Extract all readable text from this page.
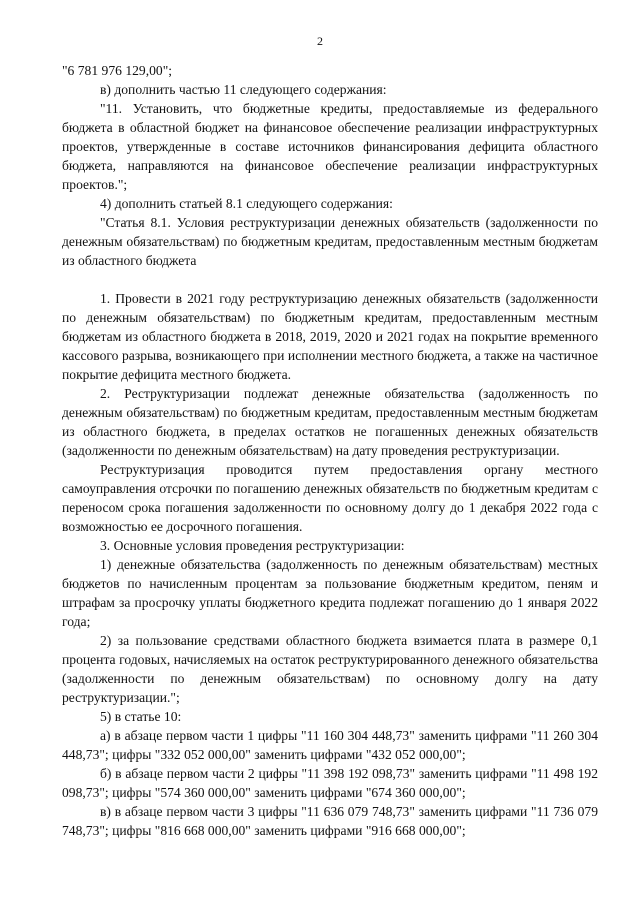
2

"6 781 976 129,00";

в) дополнить частью 11 следующего содержания:

"11. Установить, что бюджетные кредиты, предоставляемые из федерального бюджета в областной бюджет на финансовое обеспечение реализации инфраструктурных проектов, утвержденные в составе источников финансирования дефицита областного бюджета, направляются на финансовое обеспечение реализации инфраструктурных проектов.";

4) дополнить статьей 8.1 следующего содержания:

"Статья 8.1. Условия реструктуризации денежных обязательств (задолженности по денежным обязательствам) по бюджетным кредитам, предоставленным местным бюджетам из областного бюджета

1. Провести в 2021 году реструктуризацию денежных обязательств (задолженности по денежным обязательствам) по бюджетным кредитам, предоставленным местным бюджетам из областного бюджета в 2018, 2019, 2020 и 2021 годах на покрытие временного кассового разрыва, возникающего при исполнении местного бюджета, а также на частичное покрытие дефицита местного бюджета.

2. Реструктуризации подлежат денежные обязательства (задолженность по денежным обязательствам) по бюджетным кредитам, предоставленным местным бюджетам из областного бюджета, в пределах остатков не погашенных денежных обязательств (задолженности по денежным обязательствам) на дату проведения реструктуризации.

Реструктуризация проводится путем предоставления органу местного самоуправления отсрочки по погашению денежных обязательств по бюджетным кредитам с переносом срока погашения задолженности по основному долгу до 1 декабря 2022 года с возможностью ее досрочного погашения.

3. Основные условия проведения реструктуризации:

1) денежные обязательства (задолженность по денежным обязательствам) местных бюджетов по начисленным процентам за пользование бюджетным кредитом, пеням и штрафам за просрочку уплаты бюджетного кредита подлежат погашению до 1 января 2022 года;

2) за пользование средствами областного бюджета взимается плата в размере 0,1 процента годовых, начисляемых на остаток реструктурированного денежного обязательства (задолженности по денежным обязательствам) по основному долгу на дату реструктуризации.";

5) в статье 10:

а) в абзаце первом части 1 цифры "11 160 304 448,73" заменить цифрами "11 260 304 448,73"; цифры "332 052 000,00" заменить цифрами "432 052 000,00";

б) в абзаце первом части 2 цифры "11 398 192 098,73" заменить цифрами "11 498 192 098,73"; цифры "574 360 000,00" заменить цифрами "674 360 000,00";

в) в абзаце первом части 3 цифры "11 636 079 748,73" заменить цифрами "11 736 079 748,73"; цифры "816 668 000,00" заменить цифрами "916 668 000,00";
